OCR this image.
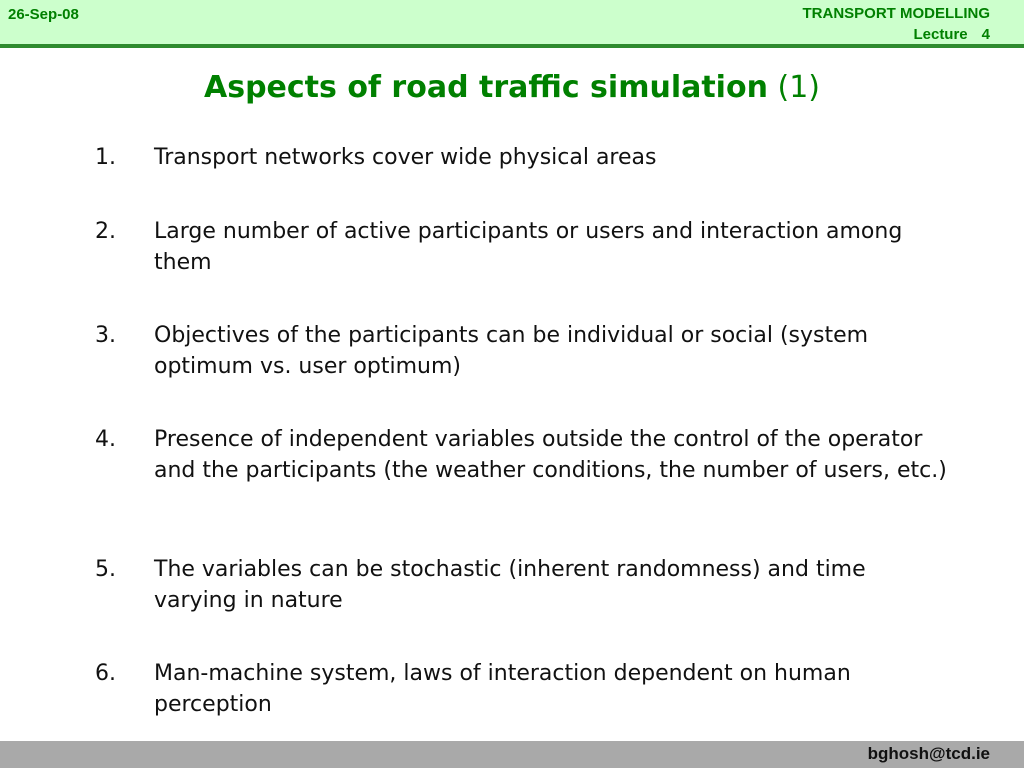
26-Sep-08	TRANSPORT MODELLING
Lecture 4
Aspects of road traffic simulation (1)
1.	Transport networks cover wide physical areas
2.	Large number of active participants or users and interaction among them
3.	Objectives of the participants can be individual or social (system optimum vs. user optimum)
4.	Presence of independent variables outside the control of the operator and the participants (the weather conditions, the number of users, etc.)
5.	The variables can be stochastic (inherent randomness) and time varying in nature
6.	Man-machine system, laws of interaction dependent on human perception
bghosh@tcd.ie
